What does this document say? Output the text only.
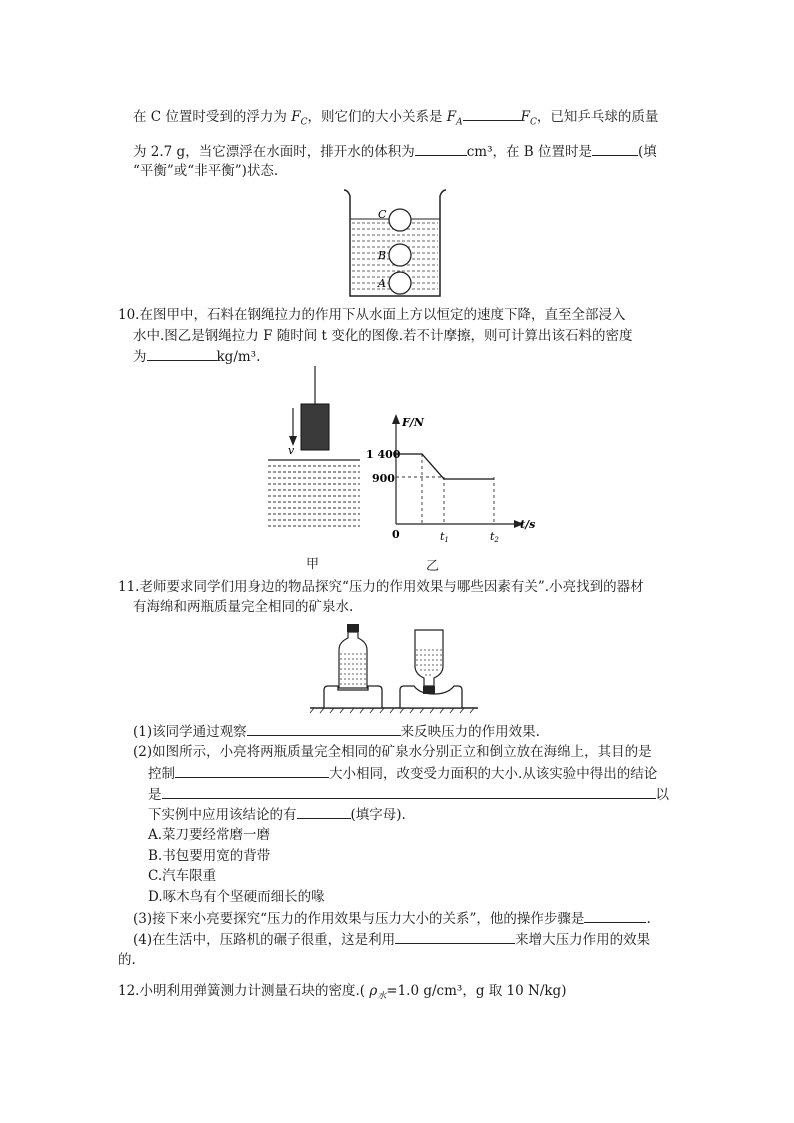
在 C 位置时受到的浮力为 $F_C$，则它们的大小关系是 $F_A$	$F_C$，已知乒乓球的质量
为 2.7 g，当它漂浮在水面时，排开水的体积为	cm³，在 B 位置时是	(填
“平衡”或“非平衡”)状态.
C
B
A
10.在图甲中，石料在钢绳拉力的作用下从水面上方以恒定的速度下降，直至全部浸入
水中.图乙是钢绳拉力 F 随时间 t 变化的图像.若不计摩擦，则可计算出该石料的密度
为	kg/m³.
v
F/N
t/s
1 400
900
0	t1	t2
甲	乙
11.老师要求同学们用身边的物品探究“压力的作用效果与哪些因素有关”.小亮找到的器材
有海绵和两瓶质量完全相同的矿泉水.
(1)该同学通过观察	来反映压力的作用效果.
(2)如图所示，小亮将两瓶质量完全相同的矿泉水分别正立和倒立放在海绵上，其目的是
控制	大小相同，改变受力面积的大小.从该实验中得出的结论
是	以
下实例中应用该结论的有	(填字母).
A.菜刀要经常磨一磨
B.书包要用宽的背带
C.汽车限重
D.啄木鸟有个坚硬而细长的喙
(3)接下来小亮要探究“压力的作用效果与压力大小的关系”，他的操作步骤是	.
(4)在生活中，压路机的碾子很重，这是利用	来增大压力作用的效果
的.
12.小明利用弹簧测力计测量石块的密度.( $\rho_水=1.0$ g/cm³，g 取 10 N/kg)
